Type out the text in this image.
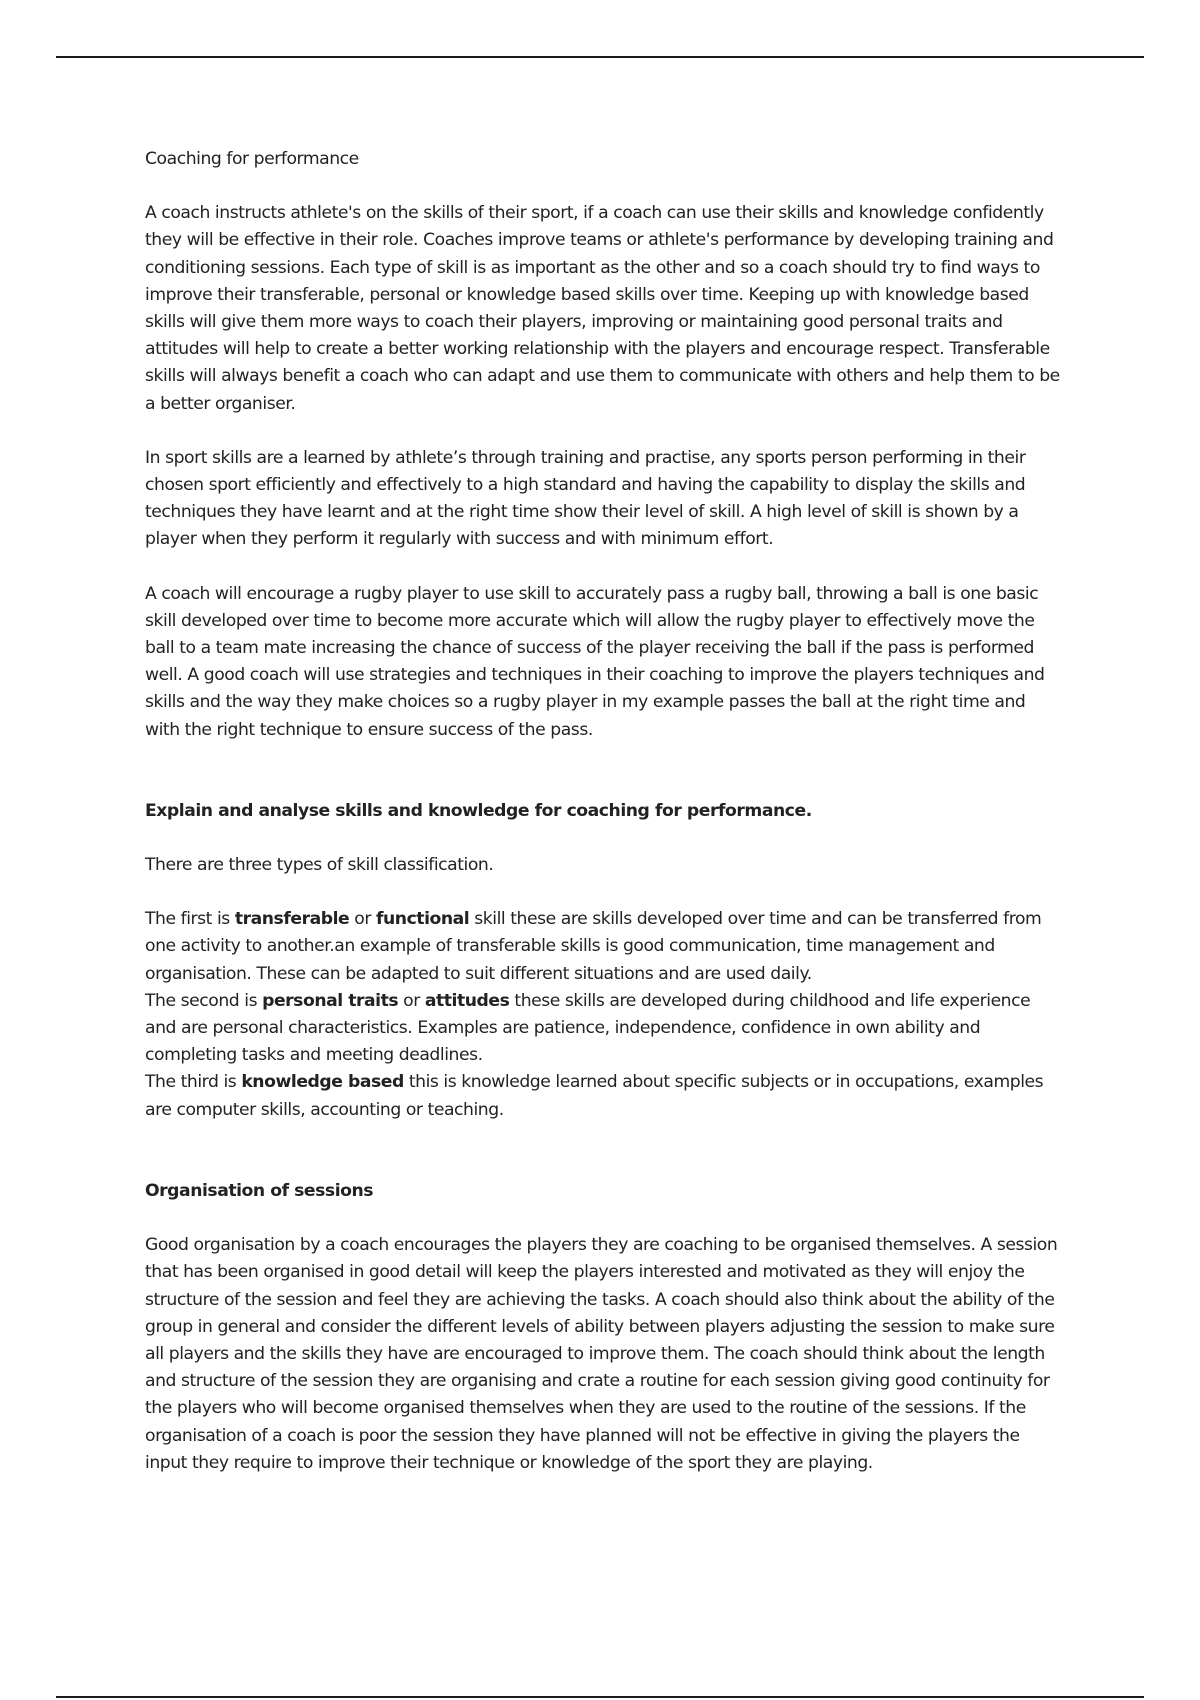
Coaching for performance

A coach instructs athlete's on the skills of their sport, if a coach can use their skills and knowledge confidently they will be effective in their role. Coaches improve teams or athlete's performance by developing training and conditioning sessions. Each type of skill is as important as the other and so a coach should try to find ways to improve their transferable, personal or knowledge based skills over time. Keeping up with knowledge based skills will give them more ways to coach their players, improving or maintaining good personal traits and attitudes will help to create a better working relationship with the players and encourage respect. Transferable skills will always benefit a coach who can adapt and use them to communicate with others and help them to be a better organiser.

In sport skills are a learned by athlete’s through training and practise, any sports person performing in their chosen sport efficiently and effectively to a high standard and having the capability to display the skills and techniques they have learnt and at the right time show their level of skill. A high level of skill is shown by a player when they perform it regularly with success and with minimum effort.

A coach will encourage a rugby player to use skill to accurately pass a rugby ball, throwing a ball is one basic skill developed over time to become more accurate which will allow the rugby player to effectively move the ball to a team mate increasing the chance of success of the player receiving the ball if the pass is performed well. A good coach will use strategies and techniques in their coaching to improve the players techniques and skills and the way they make choices so a rugby player in my example passes the ball at the right time and with the right technique to ensure success of the pass.

Explain and analyse skills and knowledge for coaching for performance.

There are three types of skill classification.

The first is transferable or functional skill these are skills developed over time and can be transferred from one activity to another.an example of transferable skills is good communication, time management and organisation. These can be adapted to suit different situations and are used daily.

The second is personal traits or attitudes these skills are developed during childhood and life experience and are personal characteristics. Examples are patience, independence, confidence in own ability and completing tasks and meeting deadlines.

The third is knowledge based this is knowledge learned about specific subjects or in occupations, examples are computer skills, accounting or teaching.

Organisation of sessions

Good organisation by a coach encourages the players they are coaching to be organised themselves. A session that has been organised in good detail will keep the players interested and motivated as they will enjoy the structure of the session and feel they are achieving the tasks. A coach should also think about the ability of the group in general and consider the different levels of ability between players adjusting the session to make sure all players and the skills they have are encouraged to improve them. The coach should think about the length and structure of the session they are organising and crate a routine for each session giving good continuity for the players who will become organised themselves when they are used to the routine of the sessions. If the organisation of a coach is poor the session they have planned will not be effective in giving the players the input they require to improve their technique or knowledge of the sport they are playing.
